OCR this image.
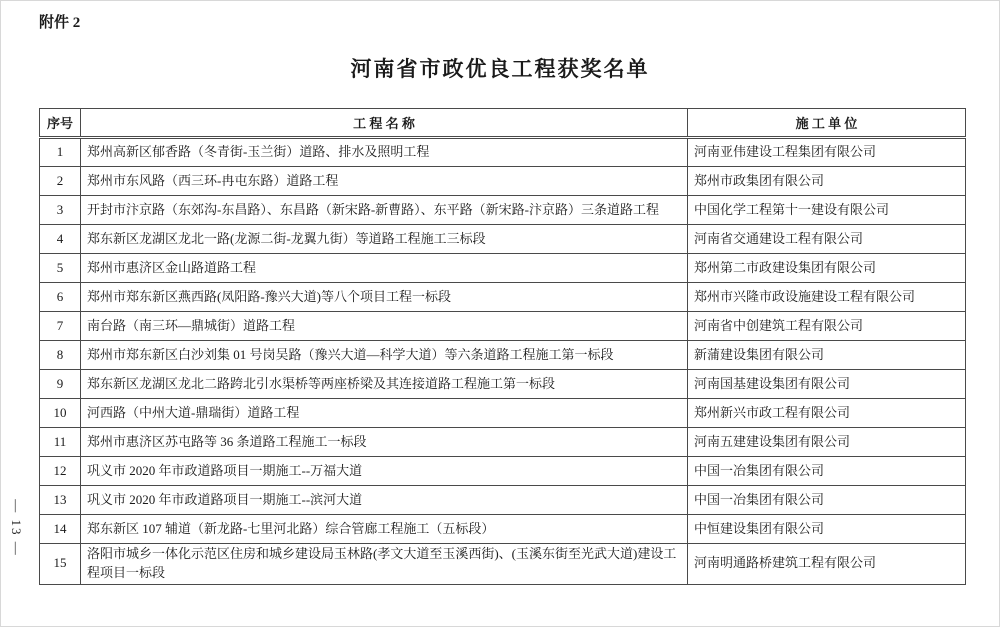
附件 2
河南省市政优良工程获奖名单
— 13 —
序号	工 程 名 称	施 工 单 位
1	郑州高新区郁香路（冬青街-玉兰街）道路、排水及照明工程	河南亚伟建设工程集团有限公司
2	郑州市东风路（西三环-冉屯东路）道路工程	郑州市政集团有限公司
3	开封市汴京路（东郊沟-东昌路）、东昌路（新宋路-新曹路）、东平路（新宋路-汴京路）三条道路工程	中国化学工程第十一建设有限公司
4	郑东新区龙湖区龙北一路(龙源二街-龙翼九街）等道路工程施工三标段	河南省交通建设工程有限公司
5	郑州市惠济区金山路道路工程	郑州第二市政建设集团有限公司
6	郑州市郑东新区燕西路(凤阳路-豫兴大道)等八个项目工程一标段	郑州市兴隆市政设施建设工程有限公司
7	南台路（南三环—鼎城街）道路工程	河南省中创建筑工程有限公司
8	郑州市郑东新区白沙刘集 01 号岗吴路（豫兴大道—科学大道）等六条道路工程施工第一标段	新蒲建设集团有限公司
9	郑东新区龙湖区龙北二路跨北引水渠桥等两座桥梁及其连接道路工程施工第一标段	河南国基建设集团有限公司
10	河西路（中州大道-鼎瑞街）道路工程	郑州新兴市政工程有限公司
11	郑州市惠济区苏屯路等 36 条道路工程施工一标段	河南五建建设集团有限公司
12	巩义市 2020 年市政道路项目一期施工--万福大道	中国一冶集团有限公司
13	巩义市 2020 年市政道路项目一期施工--滨河大道	中国一冶集团有限公司
14	郑东新区 107 辅道（新龙路-七里河北路）综合管廊工程施工（五标段）	中恒建设集团有限公司
15	洛阳市城乡一体化示范区住房和城乡建设局玉林路(孝文大道至玉溪西街)、(玉溪东街至光武大道)建设工程项目一标段	河南明通路桥建筑工程有限公司
